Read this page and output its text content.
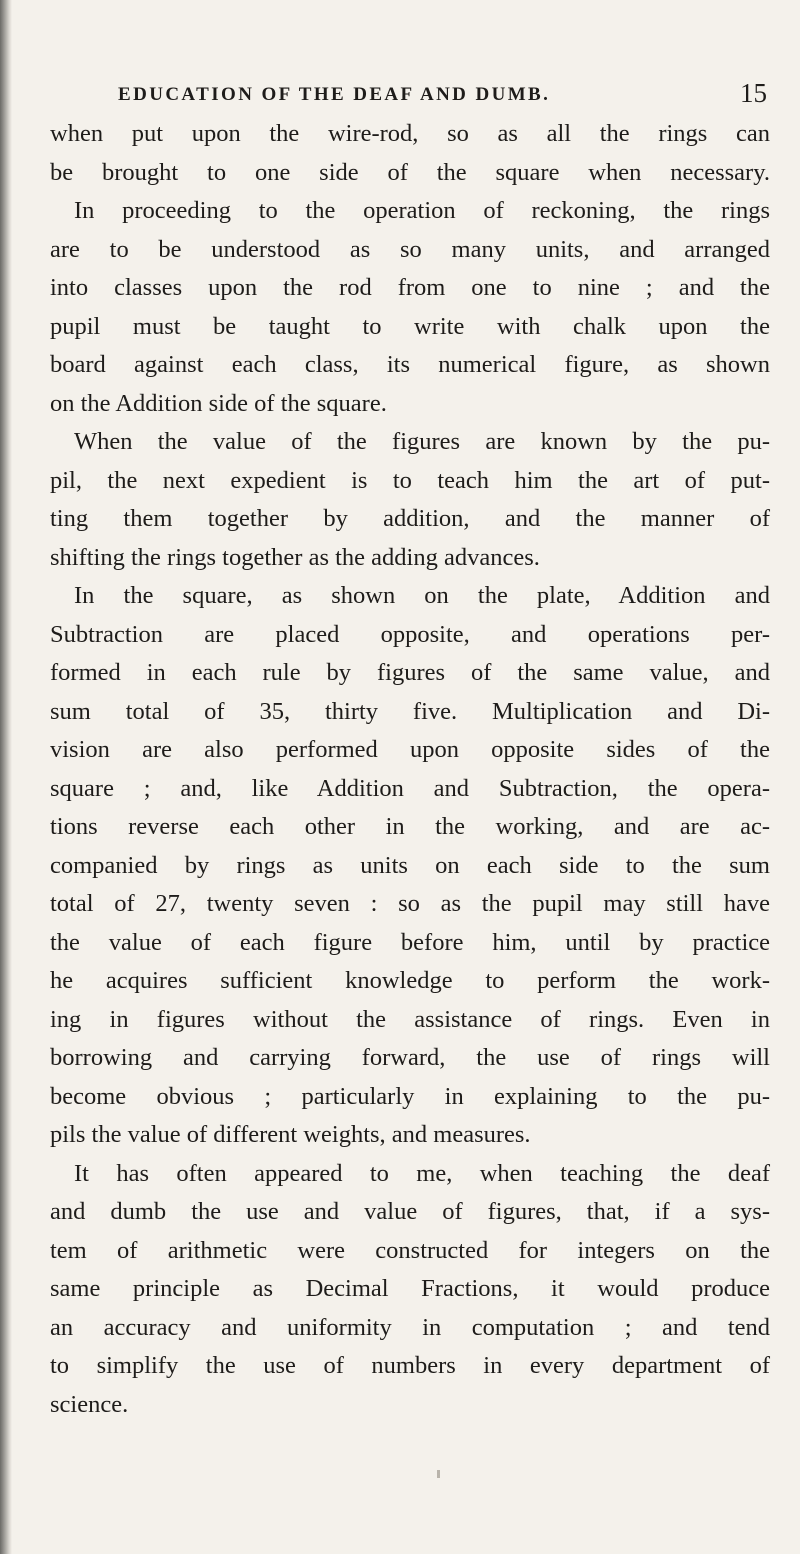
EDUCATION OF THE DEAF AND DUMB.	15
when put upon the wire-rod, so as all the rings can
be brought to one side of the square when necessary.
In proceeding to the operation of reckoning, the rings
are to be understood as so many units, and arranged
into classes upon the rod from one to nine ; and the
pupil must be taught to write with chalk upon the
board against each class, its numerical figure, as shown
on the Addition side of the square.
When the value of the figures are known by the pu-
pil, the next expedient is to teach him the art of put-
ting them together by addition, and the manner of
shifting the rings together as the adding advances.
In the square, as shown on the plate, Addition and
Subtraction are placed opposite, and operations per-
formed in each rule by figures of the same value, and
sum total of 35, thirty five. Multiplication and Di-
vision are also performed upon opposite sides of the
square ; and, like Addition and Subtraction, the opera-
tions reverse each other in the working, and are ac-
companied by rings as units on each side to the sum
total of 27, twenty seven : so as the pupil may still have
the value of each figure before him, until by practice
he acquires sufficient knowledge to perform the work-
ing in figures without the assistance of rings. Even in
borrowing and carrying forward, the use of rings will
become obvious ; particularly in explaining to the pu-
pils the value of different weights, and measures.
It has often appeared to me, when teaching the deaf
and dumb the use and value of figures, that, if a sys-
tem of arithmetic were constructed for integers on the
same principle as Decimal Fractions, it would produce
an accuracy and uniformity in computation ; and tend
to simplify the use of numbers in every department of
science.
